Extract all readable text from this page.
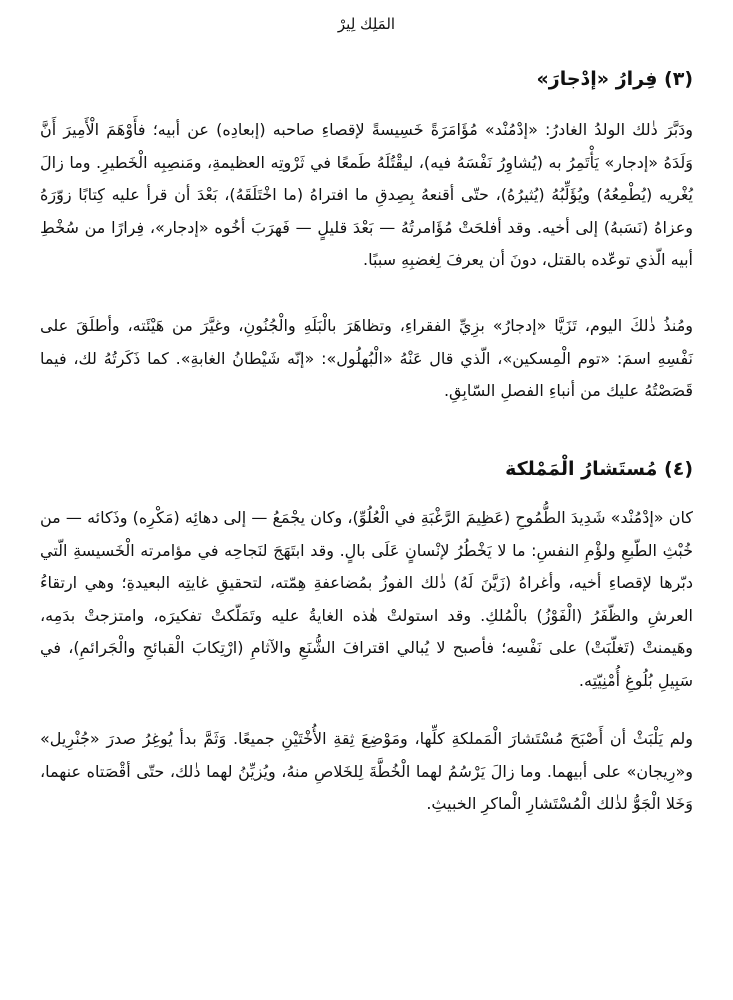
المَلِك لِيرْ
(٣) فِرارُ «إدْجارَ»

ودَبَّرَ ذٰلك الولدُ الغادرُ: «إدْمُنْد» مُؤَامَرَةً خَسِيسةً لإقصاءِ صاحبه (إبعادِه) عن أبيه؛ فأَوْهَمَ الْأَمِيرَ أَنَّ وَلَدَهُ «إدجار» يَأْتَمِرُ به (يُشاوِرُ نَفْسَهُ فيه)، ليقْتُلَهُ طَمعًا في ثَرْوتِه العظيمةِ، ومَنصِبِه الْخَطيرِ. وما زالَ يُغْريه (يُطْمِعُهُ) ويُؤَلِّبُهُ (يُثيرُهُ)، حتّى أقنعهُ بِصِدقِ ما افتراهُ (ما اخْتَلَقَهُ)، بَعْدَ أن قرأ عليه كِتابًا زوّرَهُ وعزاهُ (نَسَبهُ) إلى أخيه. وقد أفلحَتْ مُؤَامرتُهُ — بَعْدَ قليلٍ — فَهرَبَ أخُوه «إدجار»، فِرارًا من سُخْطِ أبيه الّذي توعّده بالقتل، دونَ أن يعرفَ لِغضبِهِ سببًا.

ومُنذُ ذٰلكَ اليوم، تَزَيَّا «إدجارُ» بزِيِّ الفقراءِ، وتظاهَرَ بالْبَلَهِ والْجُنُونِ، وغيَّرَ من هَيْئَته، وأطلَقَ على نَفْسِهِ اسمَ: «توم الْمِسكين»، الّذي قال عَنْهُ «الْبُهلُول»: «إنّه شَيْطانُ الغابةِ». كما ذَكَرتُهُ لك، فيما قَصَصْتُهُ عليك من أنباءِ الفصلِ السّابِقِ.

(٤) مُستَشارُ الْمَمْلكة

كان «إدْمُنْد» شَدِيدَ الطُّمُوحِ (عَظِيمَ الرَّغْبَةِ في الْعُلُوِّ)، وكان يجْمَعُ — إلى دهائِه (مَكْرِه) وذَكائه — من خُبْثِ الطّبعِ ولؤْمِ النفسِ: ما لا يَخْطُرُ لإنْسانٍ عَلَى بالٍ. وقد ابتَهَجَ لنَجاحِه في مؤامرته الْخَسيسةِ الّتي دبّرها لإقصاءِ أخيه، وأغراهُ (زَيَّنَ لَهُ) ذٰلك الفوزُ بمُضاعفةِ هِمّته، لتحقيقِ غايتِه البعيدةِ؛ وهي ارتقاءُ العرشِ والظّفَرُ (الْفَوْزُ) بالْمُلكِ. وقد استولتْ هٰذه الغايةُ عليه وتَمَلّكتْ تفكيرَه، وامتزجتْ بدَمِه، وهَيمنتْ (تَغلّبَتْ) على نَفْسِه؛ فأصبح لا يُبالي اقترافَ الشُّنَعِ والآثامِ (ارْتِكابَ الْقبائحِ والْجَرائمِ)، في سَبِيلِ بُلُوغِ أُمْنِيّتِه.

ولم يَلْبَثْ أن أَصْبَحَ مُسْتَشارَ الْمَملكةِ كلِّها، ومَوْضِعَ ثِقةِ الأُخْتَيْنِ جميعًا. وَثَمَّ بدأ يُوغِرُ صدرَ «جُنْرِيل» و«رِيجان» على أبيهما. وما زالَ يَرْسُمُ لهما الْخُطَّةَ لِلخَلاصِ منهُ، ويُزيِّنُ لهما ذٰلك، حتّى أقْصَتاه عنهما، وَخَلا الْجَوُّ لذٰلك الْمُسْتَشارِ الْماكرِ الخبيثِ.
